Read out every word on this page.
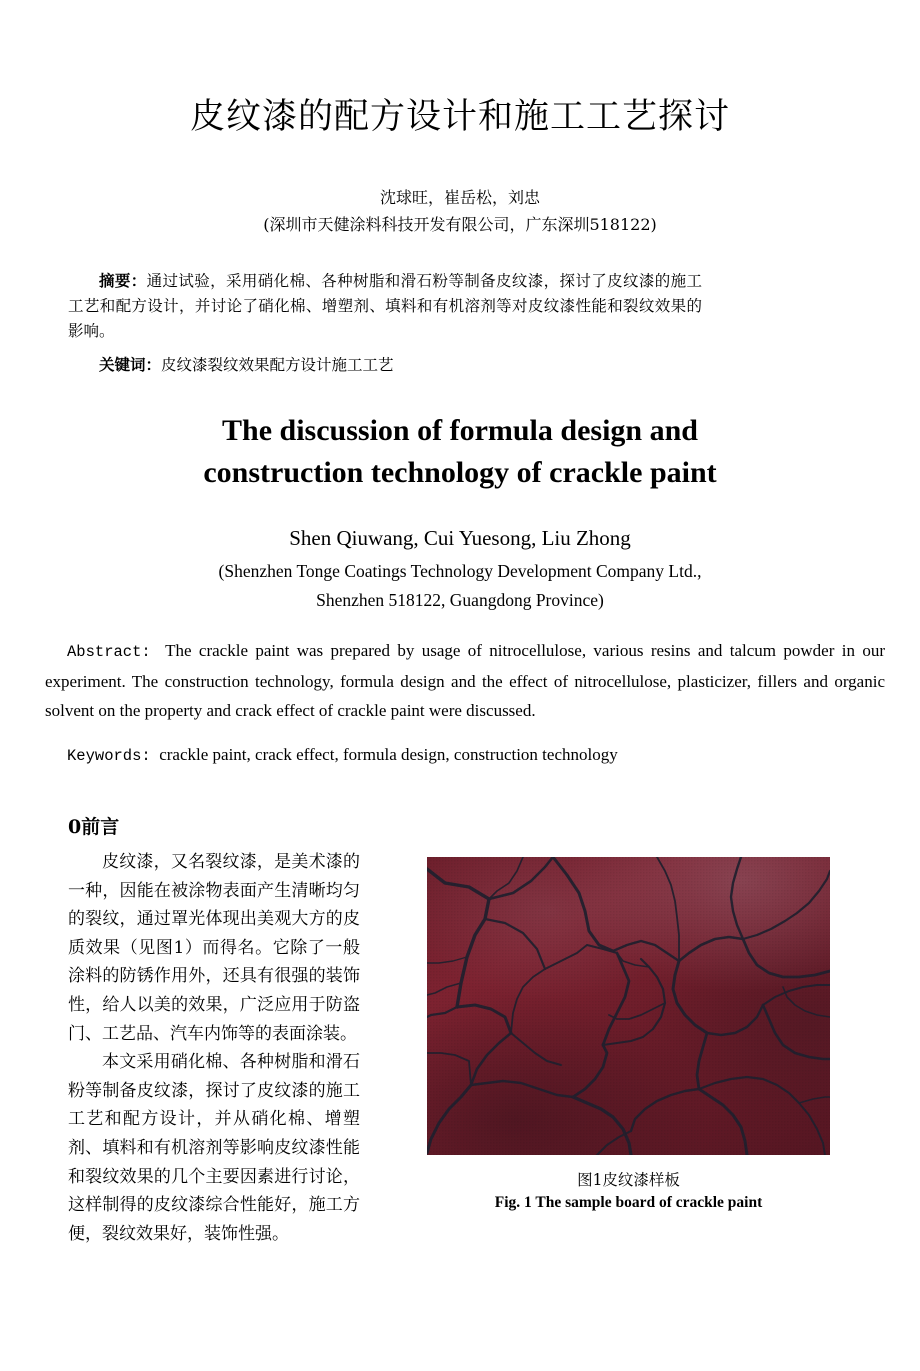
皮纹漆的配方设计和施工工艺探讨
沈球旺，崔岳松，刘忠
(深圳市天健涂料科技开发有限公司，广东深圳518122)

摘要：通过试验，采用硝化棉、各种树脂和滑石粉等制备皮纹漆，探讨了皮纹漆的施工工艺和配方设计，并讨论了硝化棉、增塑剂、填料和有机溶剂等对皮纹漆性能和裂纹效果的影响。

关键词：皮纹漆裂纹效果配方设计施工工艺
The discussion of formula design and
construction technology of crackle paint
Shen Qiuwang, Cui Yuesong, Liu Zhong
(Shenzhen Tonge Coatings Technology Development Company Ltd.,
Shenzhen 518122, Guangdong Province)
Abstract: The crackle paint was prepared by usage of nitrocellulose, various resins and talcum powder in our experiment. The construction technology, formula design and the effect of nitrocellulose, plasticizer, fillers and organic solvent on the property and crack effect of crackle paint were discussed.
Keywords: crackle paint, crack effect, formula design, construction technology
0前言

皮纹漆，又名裂纹漆，是美术漆的一种，因能在被涂物表面产生清晰均匀的裂纹，通过罩光体现出美观大方的皮质效果（见图1）而得名。它除了一般涂料的防锈作用外，还具有很强的装饰性，给人以美的效果，广泛应用于防盗门、工艺品、汽车内饰等的表面涂装。

本文采用硝化棉、各种树脂和滑石粉等制备皮纹漆，探讨了皮纹漆的施工工艺和配方设计，并从硝化棉、增塑剂、填料和有机溶剂等影响皮纹漆性能和裂纹效果的几个主要因素进行讨论，这样制得的皮纹漆综合性能好，施工方便，裂纹效果好，装饰性强。

图1皮纹漆样板
Fig. 1 The sample board of crackle paint
